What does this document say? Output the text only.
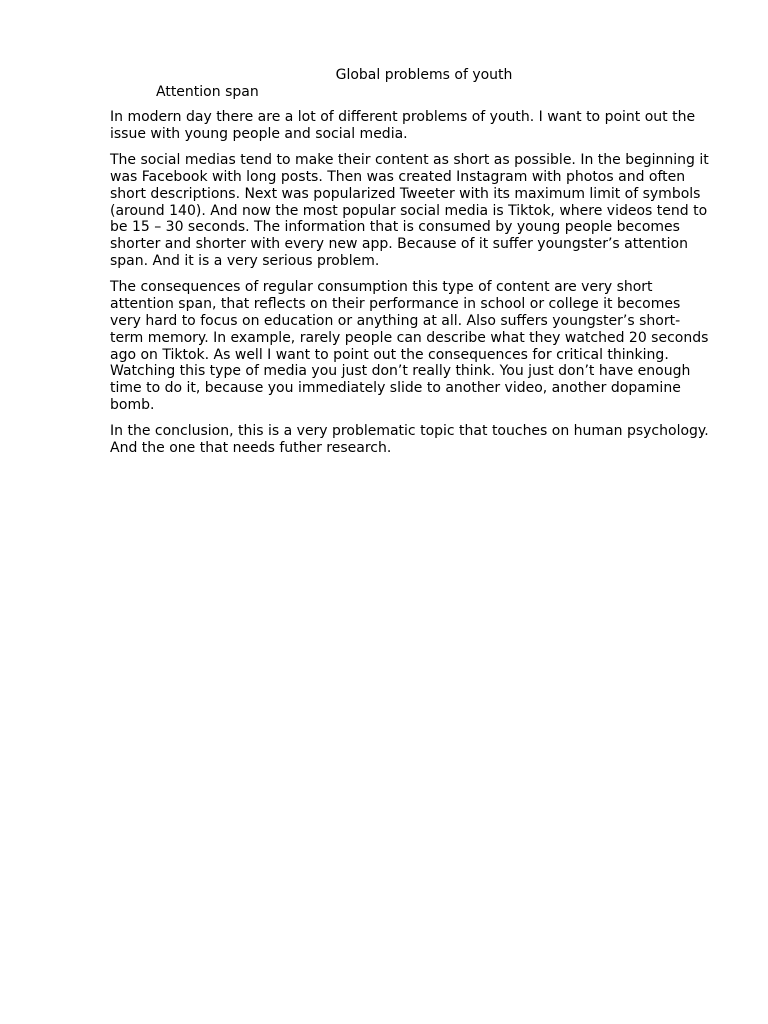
Global problems of youth
Attention span

In modern day there are a lot of different problems of youth. I want to point out the issue with young people and social media.

The social medias tend to make their content as short as possible. In the beginning it was Facebook with long posts. Then was created Instagram with photos and often short descriptions. Next was popularized Tweeter with its maximum limit of symbols (around 140). And now the most popular social media is Tiktok, where videos tend to be 15 – 30 seconds. The information that is consumed by young people becomes shorter and shorter with every new app. Because of it suffer youngster’s attention span. And it is a very serious problem.

The consequences of regular consumption this type of content are very short attention span, that reflects on their performance in school or college it becomes very hard to focus on education or anything at all. Also suffers youngster’s short-term memory. In example, rarely people can describe what they watched 20 seconds ago on Tiktok. As well I want to point out the consequences for critical thinking. Watching this type of media you just don’t really think. You just don’t have enough time to do it, because you immediately slide to another video, another dopamine bomb.

In the conclusion, this is a very problematic topic that touches on human psychology. And the one that needs futher research.
